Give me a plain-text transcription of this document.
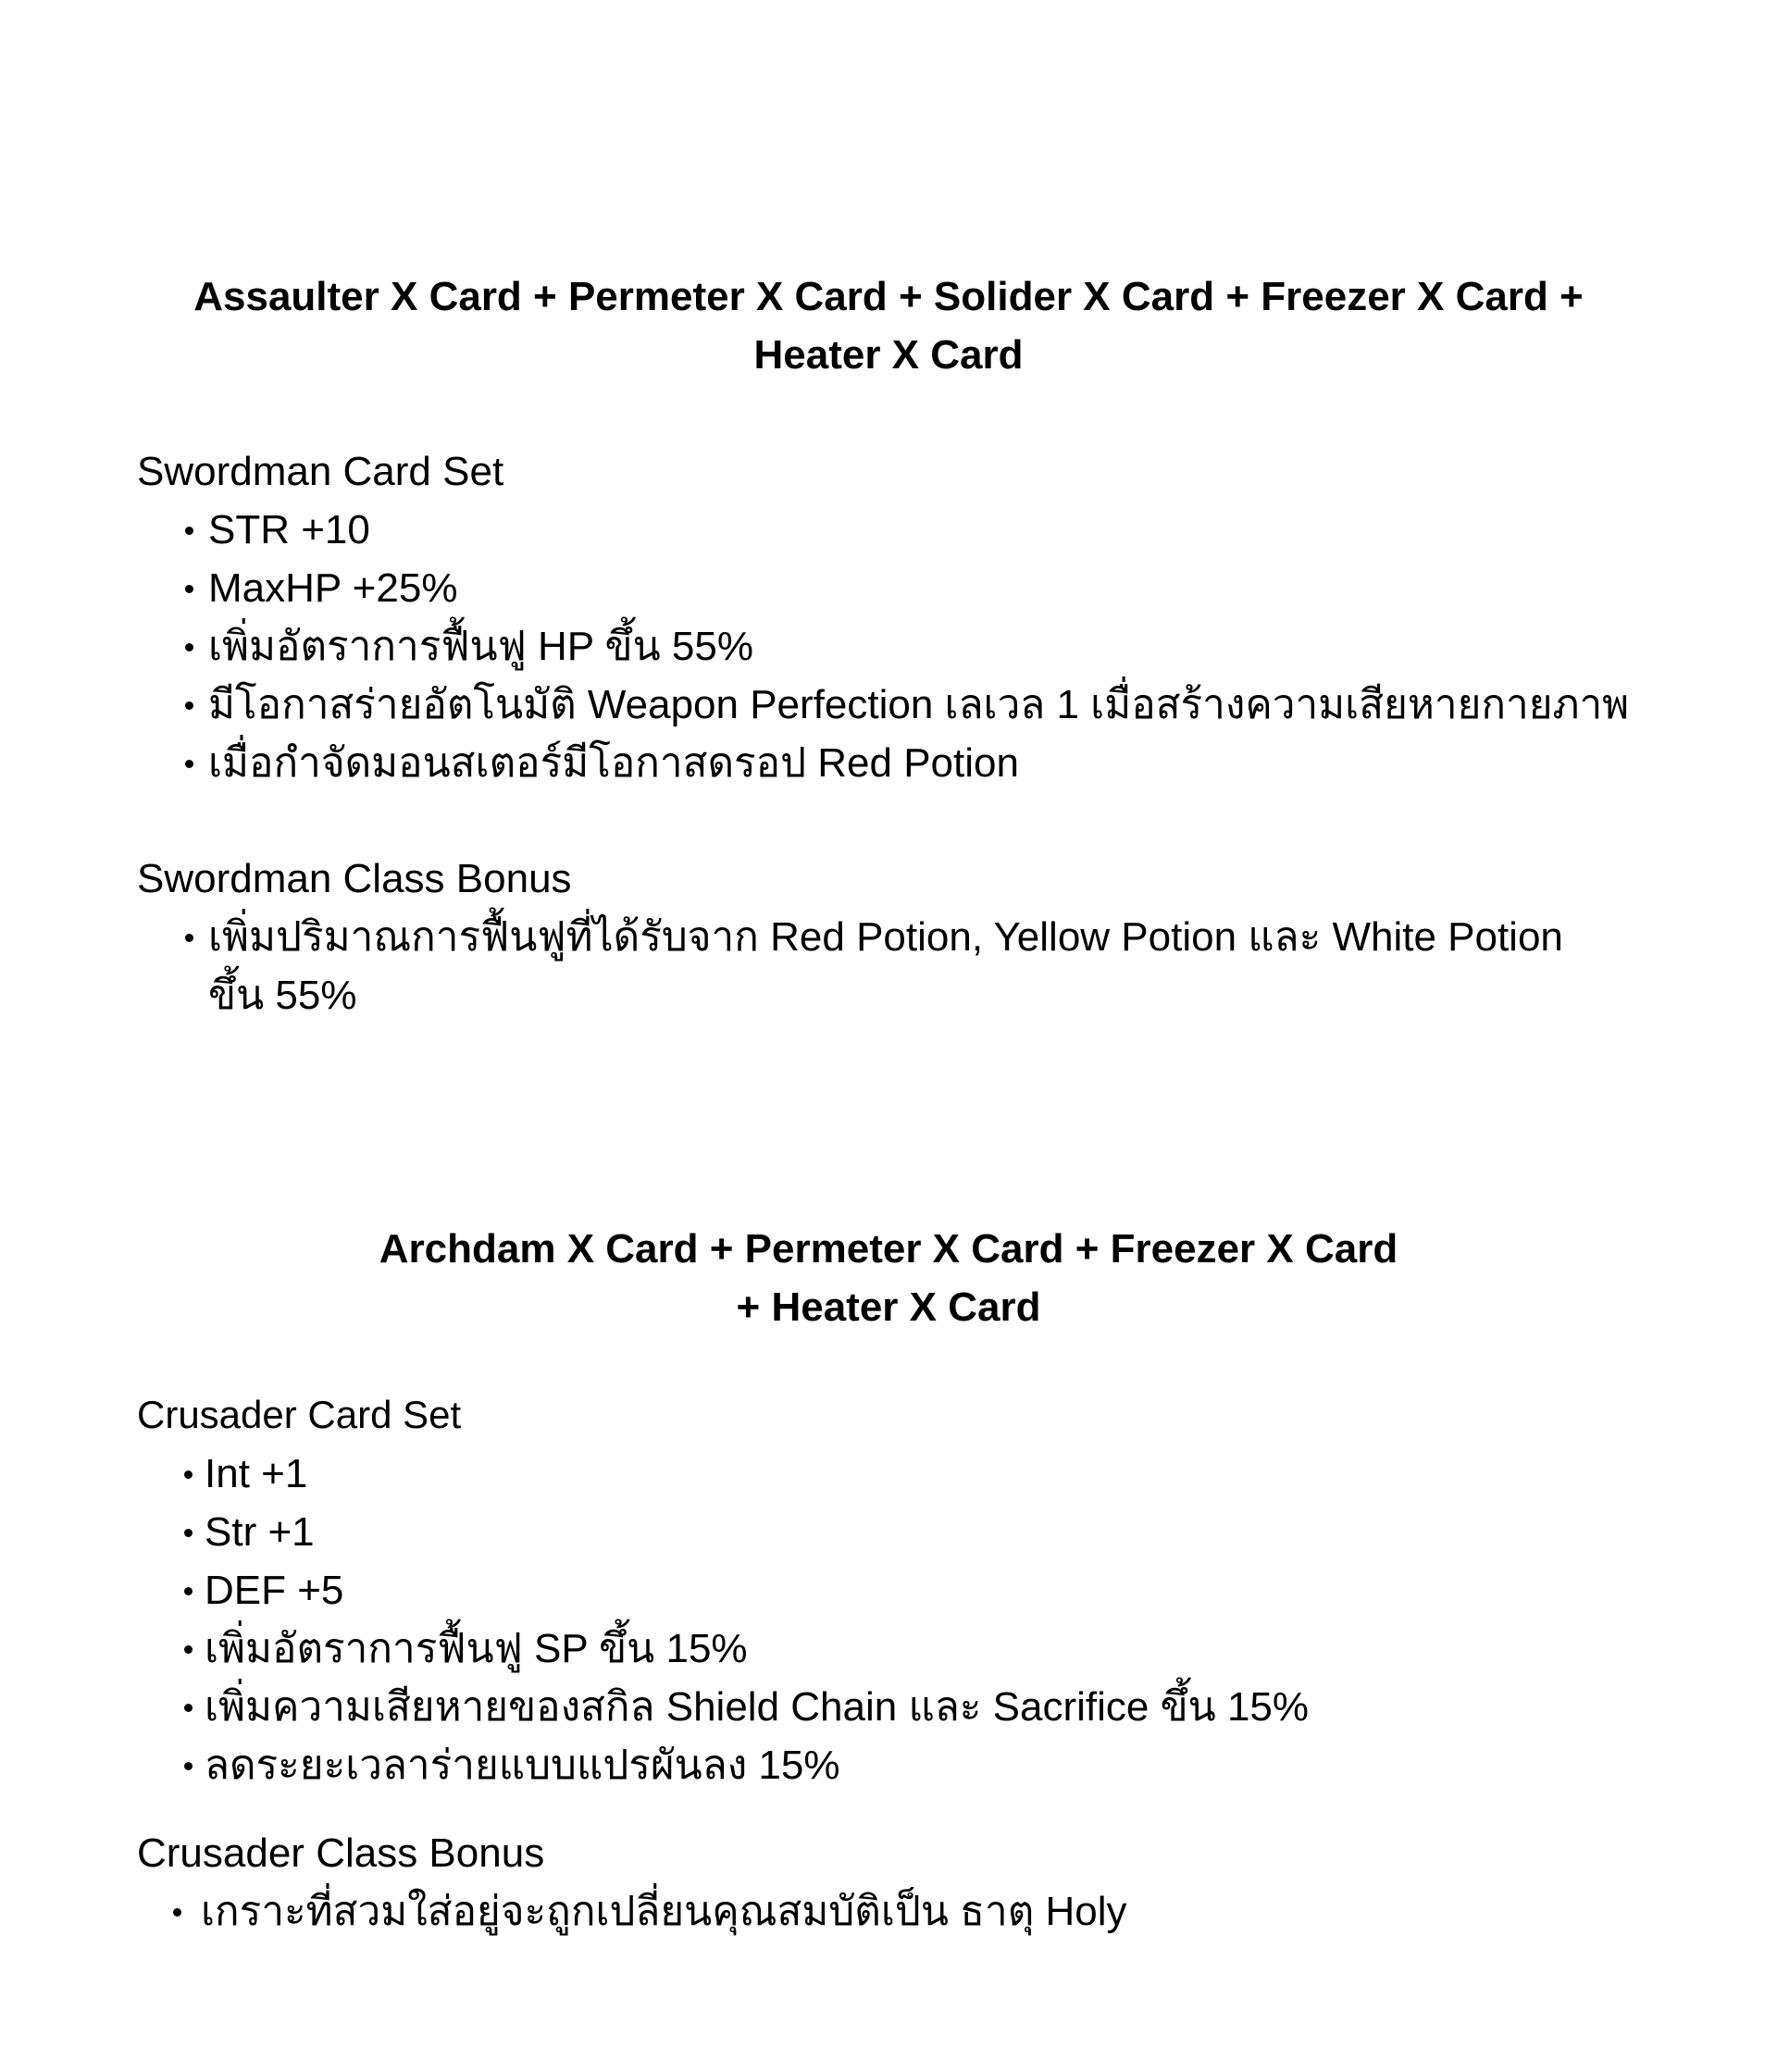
Assaulter X Card + Permeter X Card + Solider X Card + Freezer X Card +
Heater X Card

Swordman Card Set

STR +10
MaxHP +25%
เพิ่มอัตราการฟื้นฟู HP ขึ้น 55%
มีโอกาสร่ายอัตโนมัติ Weapon Perfection เลเวล 1 เมื่อสร้างความเสียหายกายภาพ
เมื่อกำจัดมอนสเตอร์มีโอกาสดรอป Red Potion

Swordman Class Bonus

เพิ่มปริมาณการฟื้นฟูที่ได้รับจาก Red Potion, Yellow Potion และ White Potion ขึ้น 55%
Archdam X Card + Permeter X Card + Freezer X Card
+ Heater X Card

Crusader Card Set

Int +1
Str +1
DEF +5
เพิ่มอัตราการฟื้นฟู SP ขึ้น 15%
เพิ่มความเสียหายของสกิล Shield Chain และ Sacrifice ขึ้น 15%
ลดระยะเวลาร่ายแบบแปรผันลง 15%

Crusader Class Bonus

เกราะที่สวมใส่อยู่จะถูกเปลี่ยนคุณสมบัติเป็น ธาตุ Holy
